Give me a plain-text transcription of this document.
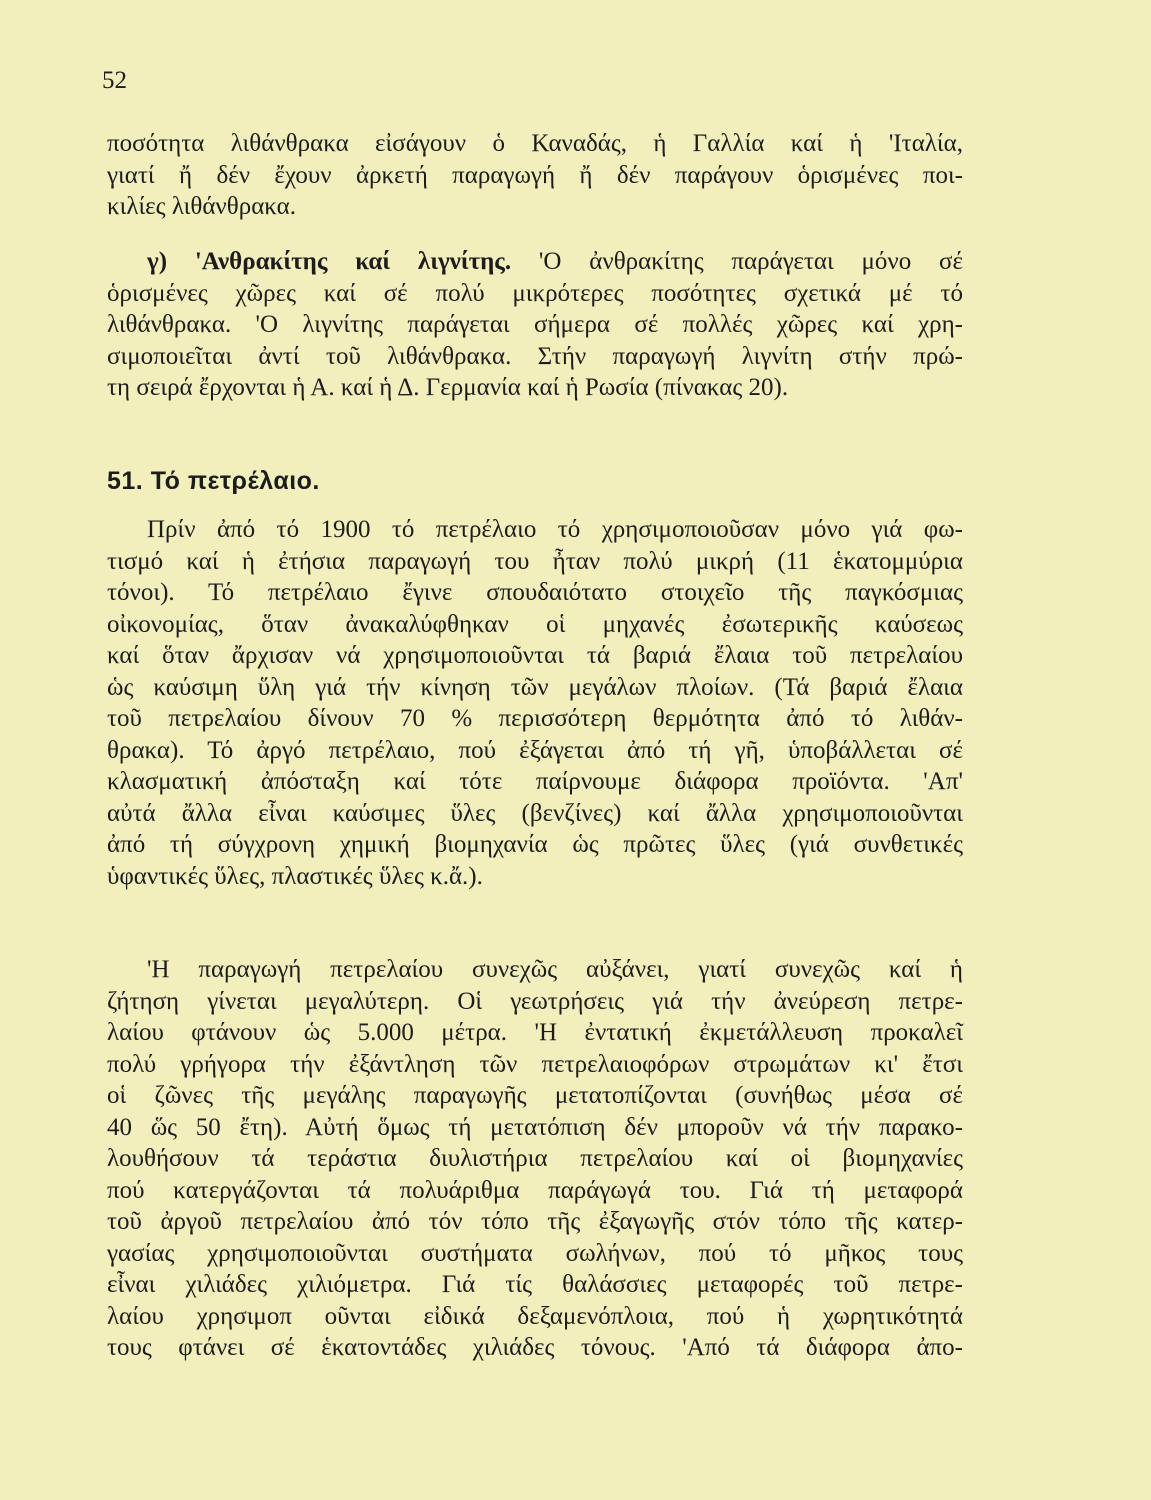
52
ποσότητα λιθάνθρακα εἰσάγουν ὁ Καναδάς, ἡ Γαλλία καί ἡ 'Ιταλία,
γιατί ἤ δέν ἔχουν ἀρκετή παραγωγή ἤ δέν παράγουν ὁρισμένες ποι-
κιλίες λιθάνθρακα.
γ) 'Ανθρακίτης καί λιγνίτης. 'Ο ἀνθρακίτης παράγεται μόνο σέ
ὁρισμένες χῶρες καί σέ πολύ μικρότερες ποσότητες σχετικά μέ τό
λιθάνθρακα. 'Ο λιγνίτης παράγεται σήμερα σέ πολλές χῶρες καί χρη-
σιμοποιεῖται ἀντί τοῦ λιθάνθρακα. Στήν παραγωγή λιγνίτη στήν πρώ-
τη σειρά ἔρχονται ἡ Α. καί ἡ Δ. Γερμανία καί ἡ Ρωσία (πίνακας 20).
51. Τό πετρέλαιο.
Πρίν ἀπό τό 1900 τό πετρέλαιο τό χρησιμοποιοῦσαν μόνο γιά φω-
τισμό καί ἡ ἐτήσια παραγωγή του ἦταν πολύ μικρή (11 ἑκατομμύρια
τόνοι). Τό πετρέλαιο ἔγινε σπουδαιότατο στοιχεῖο τῆς παγκόσμιας
οἰκονομίας, ὅταν ἀνακαλύφθηκαν οἱ μηχανές ἐσωτερικῆς καύσεως
καί ὅταν ἄρχισαν νά χρησιμοποιοῦνται τά βαριά ἔλαια τοῦ πετρελαίου
ὡς καύσιμη ὕλη γιά τήν κίνηση τῶν μεγάλων πλοίων. (Τά βαριά ἔλαια
τοῦ πετρελαίου δίνουν 70 % περισσότερη θερμότητα ἀπό τό λιθάν-
θρακα). Τό ἀργό πετρέλαιο, πού ἐξάγεται ἀπό τή γῆ, ὑποβάλλεται σέ
κλασματική ἀπόσταξη καί τότε παίρνουμε διάφορα προϊόντα. 'Απ'
αὐτά ἄλλα εἶναι καύσιμες ὕλες (βενζίνες) καί ἄλλα χρησιμοποιοῦνται
ἀπό τή σύγχρονη χημική βιομηχανία ὡς πρῶτες ὕλες (γιά συνθετικές
ὑφαντικές ὕλες, πλαστικές ὕλες κ.ἄ.).
'Η παραγωγή πετρελαίου συνεχῶς αὐξάνει, γιατί συνεχῶς καί ἡ
ζήτηση γίνεται μεγαλύτερη. Οἱ γεωτρήσεις γιά τήν ἀνεύρεση πετρε-
λαίου φτάνουν ὡς 5.000 μέτρα. 'Η ἐντατική ἐκμετάλλευση προκαλεῖ
πολύ γρήγορα τήν ἐξάντληση τῶν πετρελαιοφόρων στρωμάτων κι' ἔτσι
οἱ ζῶνες τῆς μεγάλης παραγωγῆς μετατοπίζονται (συνήθως μέσα σέ
40 ὥς 50 ἔτη). Αὐτή ὅμως τή μετατόπιση δέν μποροῦν νά τήν παρακο-
λουθήσουν τά τεράστια διυλιστήρια πετρελαίου καί οἱ βιομηχανίες
πού κατεργάζονται τά πολυάριθμα παράγωγά του. Γιά τή μεταφορά
τοῦ ἀργοῦ πετρελαίου ἀπό τόν τόπο τῆς ἐξαγωγῆς στόν τόπο τῆς κατερ-
γασίας χρησιμοποιοῦνται συστήματα σωλήνων, πού τό μῆκος τους
εἶναι χιλιάδες χιλιόμετρα. Γιά τίς θαλάσσιες μεταφορές τοῦ πετρε-
λαίου χρησιμοπ οῦνται εἰδικά δεξαμενόπλοια, πού ἡ χωρητικότητά
τους φτάνει σέ ἑκατοντάδες χιλιάδες τόνους. 'Από τά διάφορα ἀπο-
